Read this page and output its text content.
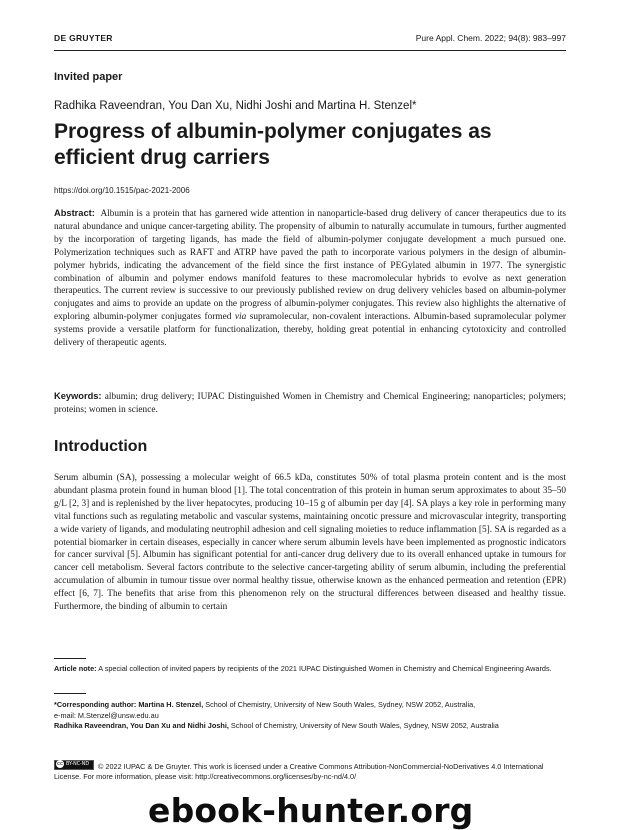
DE GRUYTER	Pure Appl. Chem. 2022; 94(8): 983–997
Invited paper
Radhika Raveendran, You Dan Xu, Nidhi Joshi and Martina H. Stenzel*
Progress of albumin-polymer conjugates as efficient drug carriers
https://doi.org/10.1515/pac-2021-2006

Abstract: Albumin is a protein that has garnered wide attention in nanoparticle-based drug delivery of cancer therapeutics due to its natural abundance and unique cancer-targeting ability. The propensity of albumin to naturally accumulate in tumours, further augmented by the incorporation of targeting ligands, has made the field of albumin-polymer conjugate development a much pursued one. Polymerization techniques such as RAFT and ATRP have paved the path to incorporate various polymers in the design of albumin-polymer hybrids, indicating the advancement of the field since the first instance of PEGylated albumin in 1977. The synergistic combination of albumin and polymer endows manifold features to these macromolecular hybrids to evolve as next generation therapeutics. The current review is successive to our previously published review on drug delivery vehicles based on albumin-polymer conjugates and aims to provide an update on the progress of albumin-polymer conjugates. This review also highlights the alternative of exploring albumin-polymer conjugates formed via supramolecular, non-covalent interactions. Albumin-based supramolecular polymer systems provide a versatile platform for functionalization, thereby, holding great potential in enhancing cytotoxicity and controlled delivery of therapeutic agents.

Keywords: albumin; drug delivery; IUPAC Distinguished Women in Chemistry and Chemical Engineering; nanoparticles; polymers; proteins; women in science.

Introduction

Serum albumin (SA), possessing a molecular weight of 66.5 kDa, constitutes 50% of total plasma protein content and is the most abundant plasma protein found in human blood [1]. The total concentration of this protein in human serum approximates to about 35–50 g/L [2, 3] and is replenished by the liver hepatocytes, producing 10–15 g of albumin per day [4]. SA plays a key role in performing many vital functions such as regulating metabolic and vascular systems, maintaining oncotic pressure and microvascular integrity, transporting a wide variety of ligands, and modulating neutrophil adhesion and cell signaling moieties to reduce inflammation [5]. SA is regarded as a potential biomarker in certain diseases, especially in cancer where serum albumin levels have been implemented as prognostic indicators for cancer survival [5]. Albumin has significant potential for anti-cancer drug delivery due to its overall enhanced uptake in tumours for cancer cell metabolism. Several factors contribute to the selective cancer-targeting ability of serum albumin, including the preferential accumulation of albumin in tumour tissue over normal healthy tissue, otherwise known as the enhanced permeation and retention (EPR) effect [6, 7]. The benefits that arise from this phenomenon rely on the structural differences between diseased and healthy tissue. Furthermore, the binding of albumin to certain

Article note: A special collection of invited papers by recipients of the 2021 IUPAC Distinguished Women in Chemistry and Chemical Engineering Awards.

*Corresponding author: Martina H. Stenzel, School of Chemistry, University of New South Wales, Sydney, NSW 2052, Australia,
e-mail: M.Stenzel@unsw.edu.au
Radhika Raveendran, You Dan Xu and Nidhi Joshi, School of Chemistry, University of New South Wales, Sydney, NSW 2052, Australia

cc BY-NC-ND© 2022 IUPAC & De Gruyter. This work is licensed under a Creative Commons Attribution-NonCommercial-NoDerivatives 4.0 International License. For more information, please visit: http://creativecommons.org/licenses/by-nc-nd/4.0/

ebook-hunter.org
